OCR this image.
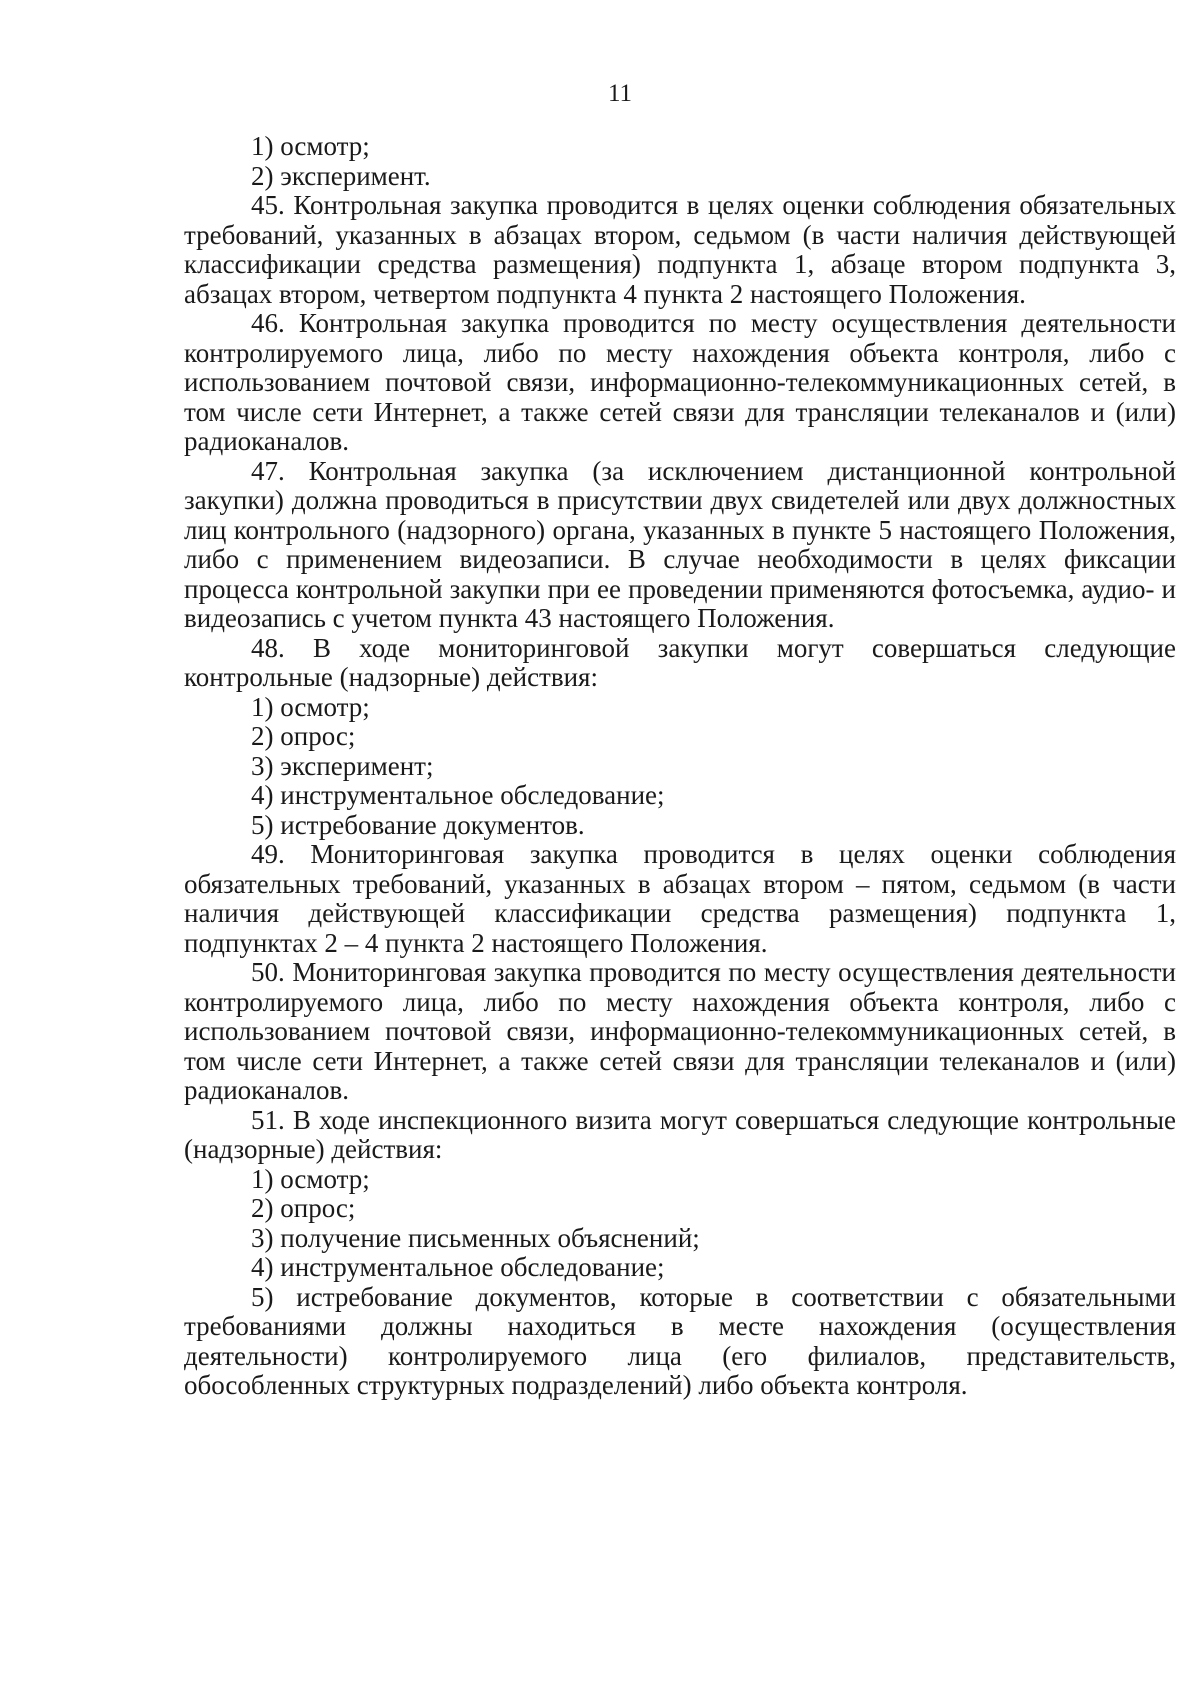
11

1) осмотр;

2) эксперимент.

45. Контрольная закупка проводится в целях оценки соблюдения обязательных требований, указанных в абзацах втором, седьмом (в части наличия действующей классификации средства размещения) подпункта 1, абзаце втором подпункта 3, абзацах втором, четвертом подпункта 4 пункта 2 настоящего Положения.

46. Контрольная закупка проводится по месту осуществления деятельности контролируемого лица, либо по месту нахождения объекта контроля, либо с использованием почтовой связи, информационно-телекоммуникационных сетей, в том числе сети Интернет, а также сетей связи для трансляции телеканалов и (или) радиоканалов.

47. Контрольная закупка (за исключением дистанционной контрольной закупки) должна проводиться в присутствии двух свидетелей или двух должностных лиц контрольного (надзорного) органа, указанных в пункте 5 настоящего Положения, либо с применением видеозаписи. В случае необходимости в целях фиксации процесса контрольной закупки при ее проведении применяются фотосъемка, аудио- и видеозапись с учетом пункта 43 настоящего Положения.

48. В ходе мониторинговой закупки могут совершаться следующие контрольные (надзорные) действия:

1) осмотр;

2) опрос;

3) эксперимент;

4) инструментальное обследование;

5) истребование документов.

49. Мониторинговая закупка проводится в целях оценки соблюдения обязательных требований, указанных в абзацах втором – пятом, седьмом (в части наличия действующей классификации средства размещения) подпункта 1, подпунктах 2 – 4 пункта 2 настоящего Положения.

50. Мониторинговая закупка проводится по месту осуществления деятельности контролируемого лица, либо по месту нахождения объекта контроля, либо с использованием почтовой связи, информационно-телекоммуникационных сетей, в том числе сети Интернет, а также сетей связи для трансляции телеканалов и (или) радиоканалов.

51. В ходе инспекционного визита могут совершаться следующие контрольные (надзорные) действия:

1) осмотр;

2) опрос;

3) получение письменных объяснений;

4) инструментальное обследование;

5) истребование документов, которые в соответствии с обязательными требованиями должны находиться в месте нахождения (осуществления деятельности) контролируемого лица (его филиалов, представительств, обособленных структурных подразделений) либо объекта контроля.
